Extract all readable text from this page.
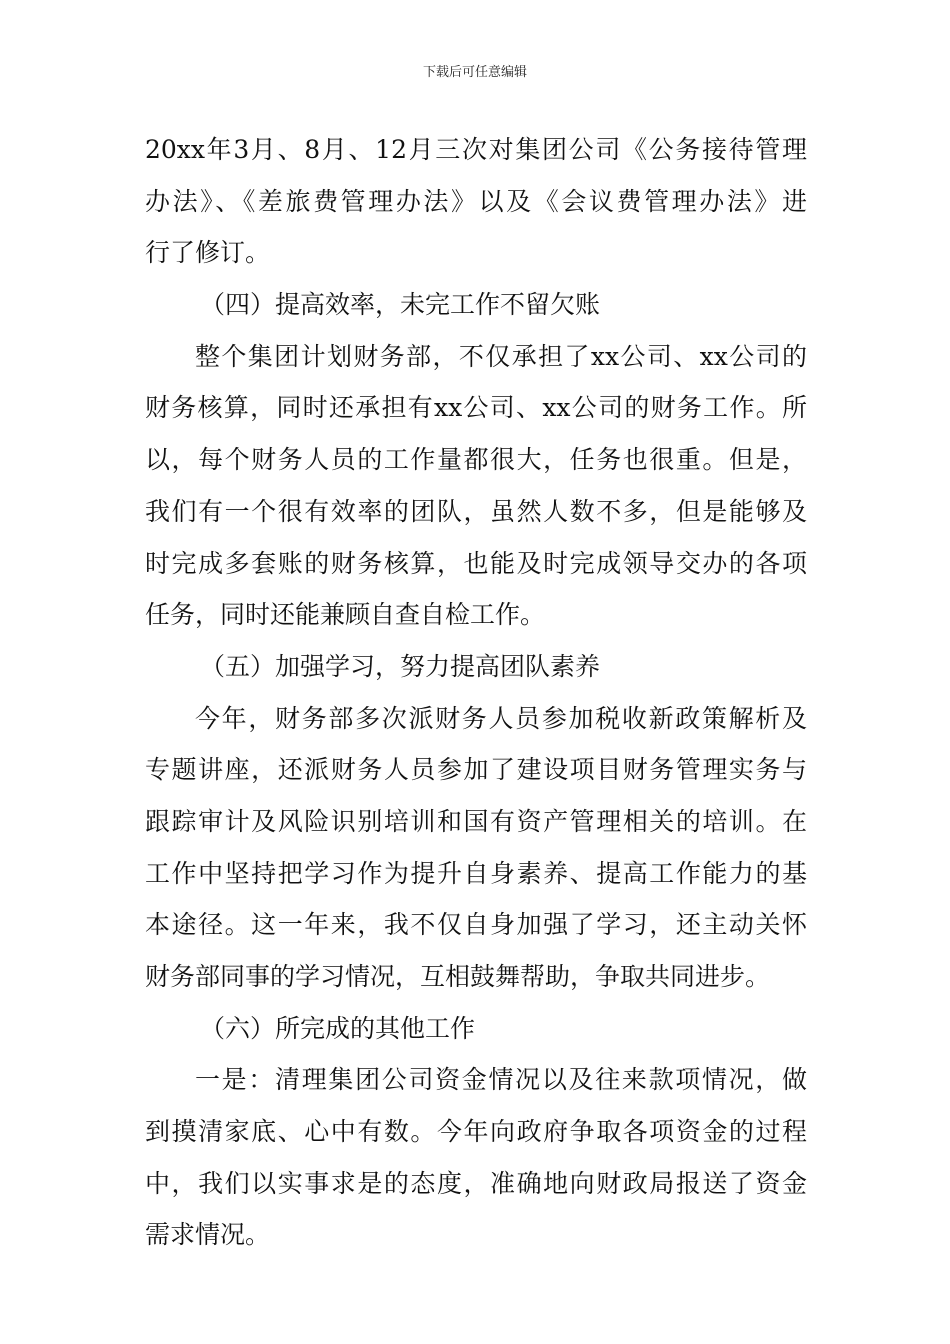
下载后可任意编辑
20xx年3月、8月、12月三次对集团公司《公务接待管理
办法》、《差旅费管理办法》以及《会议费管理办法》进
行了修订。
（四）提高效率，未完工作不留欠账
整个集团计划财务部，不仅承担了xx公司、xx公司的
财务核算，同时还承担有xx公司、xx公司的财务工作。所
以，每个财务人员的工作量都很大，任务也很重。但是，
我们有一个很有效率的团队，虽然人数不多，但是能够及
时完成多套账的财务核算，也能及时完成领导交办的各项
任务，同时还能兼顾自查自检工作。
（五）加强学习，努力提高团队素养
今年，财务部多次派财务人员参加税收新政策解析及
专题讲座，还派财务人员参加了建设项目财务管理实务与
跟踪审计及风险识别培训和国有资产管理相关的培训。在
工作中坚持把学习作为提升自身素养、提高工作能力的基
本途径。这一年来，我不仅自身加强了学习，还主动关怀
财务部同事的学习情况，互相鼓舞帮助，争取共同进步。
（六）所完成的其他工作
一是：清理集团公司资金情况以及往来款项情况，做
到摸清家底、心中有数。今年向政府争取各项资金的过程
中，我们以实事求是的态度，准确地向财政局报送了资金
需求情况。
